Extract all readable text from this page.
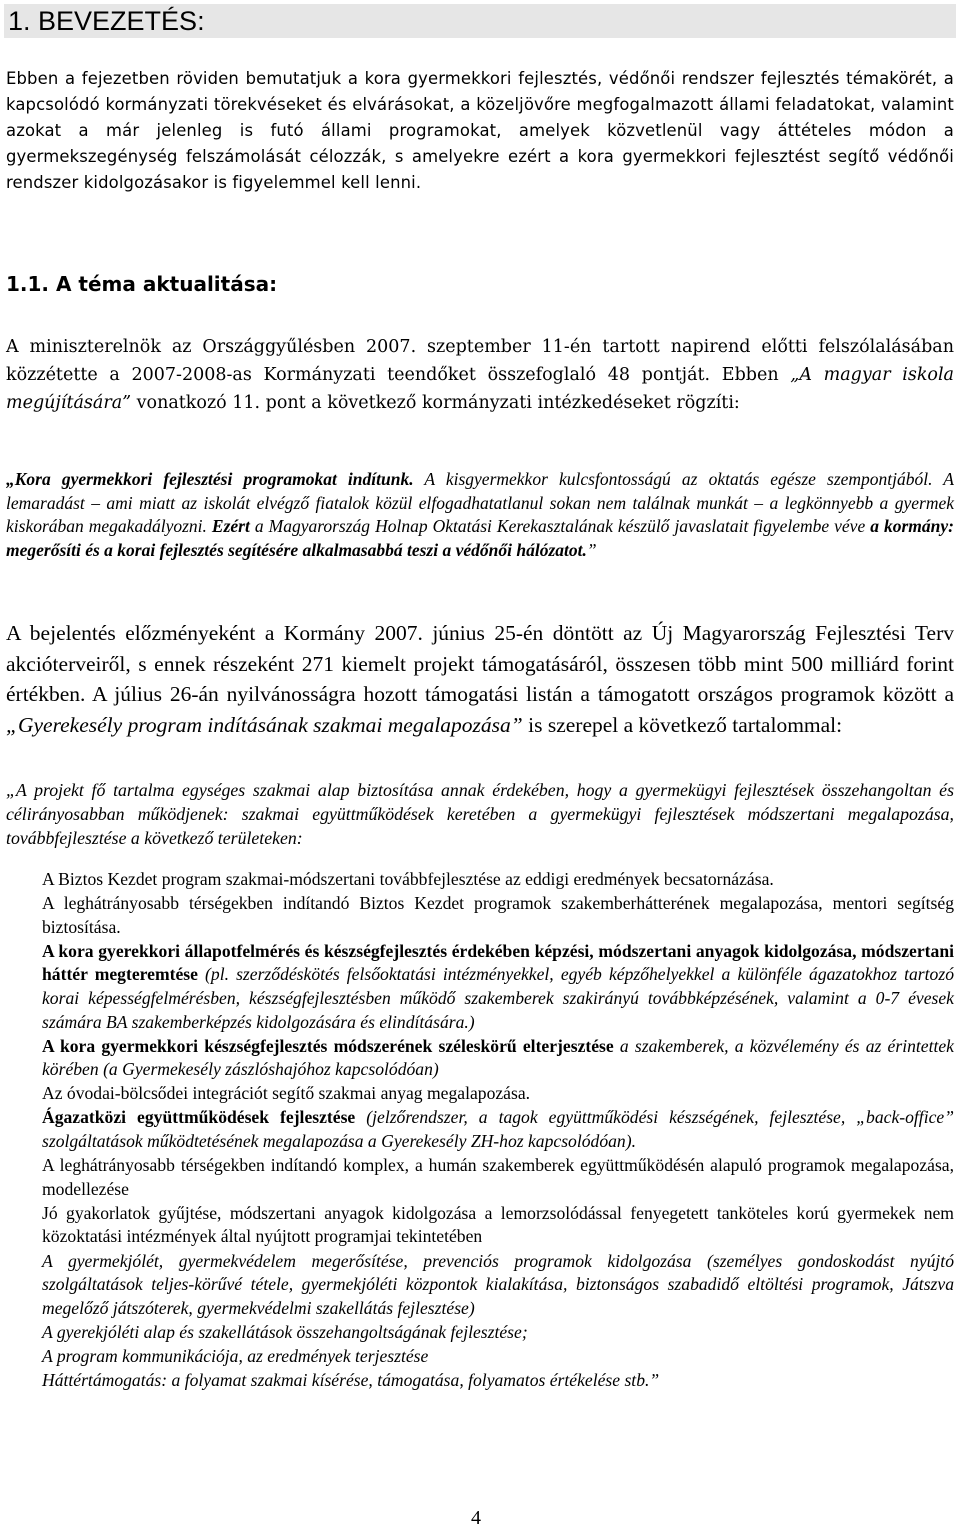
1. BEVEZETÉS:
Ebben a fejezetben röviden bemutatjuk a kora gyermekkori fejlesztés, védőnői rendszer fejlesztés témakörét, a kapcsolódó kormányzati törekvéseket és elvárásokat, a közeljövőre megfogalmazott állami feladatokat, valamint azokat a már jelenleg is futó állami programokat, amelyek közvetlenül vagy áttételes módon a gyermekszegénység felszámolását célozzák, s amelyekre ezért a kora gyermekkori fejlesztést segítő védőnői rendszer kidolgozásakor is figyelemmel kell lenni.
1.1. A téma aktualitása:
A miniszterelnök az Országgyűlésben 2007. szeptember 11-én tartott napirend előtti felszólalásában közzétette a 2007-2008-as Kormányzati teendőket összefoglaló 48 pontját. Ebben „A magyar iskola megújítására” vonatkozó 11. pont a következő kormányzati intézkedéseket rögzíti:
„Kora gyermekkori fejlesztési programokat indítunk. A kisgyermekkor kulcsfontosságú az oktatás egésze szempontjából. A lemaradást – ami miatt az iskolát elvégző fiatalok közül elfogadhatatlanul sokan nem találnak munkát – a legkönnyebb a gyermek kiskorában megakadályozni. Ezért a Magyarország Holnap Oktatási Kerekasztalának készülő javaslatait figyelembe véve a kormány: megerősíti és a korai fejlesztés segítésére alkalmasabbá teszi a védőnői hálózatot.”
A bejelentés előzményeként a Kormány 2007. június 25-én döntött az Új Magyarország Fejlesztési Terv akcióterveiről, s ennek részeként 271 kiemelt projekt támogatásáról, összesen több mint 500 milliárd forint értékben. A július 26-án nyilvánosságra hozott támogatási listán a támogatott országos programok között a „Gyerekesély program indításának szakmai megalapozása” is szerepel a következő tartalommal:
„A projekt fő tartalma egységes szakmai alap biztosítása annak érdekében, hogy a gyermekügyi fejlesztések összehangoltan és célirányosabban működjenek: szakmai együttműködések keretében a gyermekügyi fejlesztések módszertani megalapozása, továbbfejlesztése a következő területeken:

A Biztos Kezdet program szakmai-módszertani továbbfejlesztése az eddigi eredmények becsatornázása.

A leghátrányosabb térségekben indítandó Biztos Kezdet programok szakemberhátterének megalapozása, mentori segítség biztosítása.

A kora gyerekkori állapotfelmérés és készségfejlesztés érdekében képzési, módszertani anyagok kidolgozása, módszertani háttér megteremtése (pl. szerződéskötés felsőoktatási intézményekkel, egyéb képzőhelyekkel a különféle ágazatokhoz tartozó korai képességfelmérésben, készségfejlesztésben működő szakemberek szakirányú továbbképzésének, valamint a 0-7 évesek számára BA szakemberképzés kidolgozására és elindítására.)

A kora gyermekkori készségfejlesztés módszerének széleskörű elterjesztése a szakemberek, a közvélemény és az érintettek körében (a Gyermekesély zászlóshajóhoz kapcsolódóan)

Az óvodai-bölcsődei integrációt segítő szakmai anyag megalapozása.

Ágazatközi együttműködések fejlesztése (jelzőrendszer, a tagok együttműködési készségének, fejlesztése, „back-office” szolgáltatások működtetésének megalapozása a Gyerekesély ZH-hoz kapcsolódóan).

A leghátrányosabb térségekben indítandó komplex, a humán szakemberek együttműködésén alapuló programok megalapozása, modellezése

Jó gyakorlatok gyűjtése, módszertani anyagok kidolgozása a lemorzsolódással fenyegetett tanköteles korú gyermekek nem közoktatási intézmények által nyújtott programjai tekintetében

A gyermekjólét, gyermekvédelem megerősítése, prevenciós programok kidolgozása (személyes gondoskodást nyújtó szolgáltatások teljes-körűvé tétele, gyermekjóléti központok kialakítása, biztonságos szabadidő eltöltési programok, Játszva megelőző játszóterek, gyermekvédelmi szakellátás fejlesztése)

A gyerekjóléti alap és szakellátások összehangoltságának fejlesztése;

A program kommunikációja, az eredmények terjesztése

Háttértámogatás: a folyamat szakmai kísérése, támogatása, folyamatos értékelése stb.”

4
